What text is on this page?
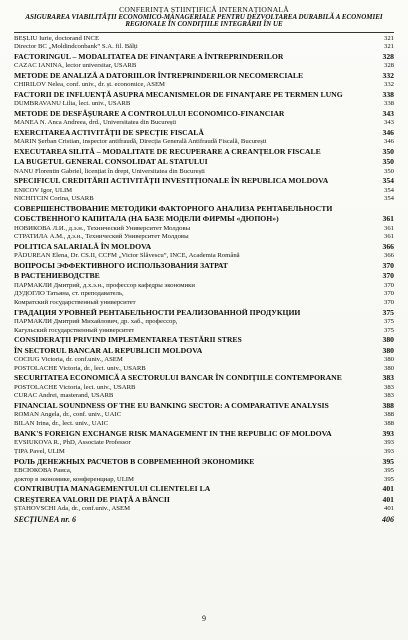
CONFERINȚA ȘTIINȚIFICĂ INTERNAȚIONALĂ
ASIGURAREA VIABILITĂȚII ECONOMICO-MANAGERIALE PENTRU DEZVOLTAREA DURABILĂ A ECONOMIEI
REGIONALE ÎN CONDIȚIILE INTEGRĂRII ÎN UE
BEȘLIU Iurie, doctorand INCE	321
Director BC „Moldindconbank” S.A. fil. Bălți	321
FACTORINGUL – MODALITATEA DE FINANȚARE A ÎNTREPRINDERILOR	328
CAZAC IANINA, lector universitar, USARB	328
METODE DE ANALIZĂ A DATORIILOR ÎNTREPRINDERILOR NECOMERCIALE	332
CHIRILOV Nelea, conf. univ., dr. șt. economice, ASEM	332
FACTORII DE INFLUENȚĂ ASUPRA MECANISMELOR DE FINANȚARE PE TERMEN LUNG	338
DUMBRAVANU Lilia, lect. univ., USARB	338
METODE DE DESFĂȘURARE A CONTROLULUI ECONOMICO-FINANCIAR	343
MANEA N. Anca Andreea, drd., Universitatea din București	343
EXERCITAREA ACTIVITĂȚII DE SPECȚIE FISCALĂ	346
MARIN Șerban Cristian, inspector antifraudă, Direcția Generală Antifraudă Fiscală, București	346
EXECUTAREA SILITĂ – MODALITATE DE RECUPERARE A CREANȚELOR FISCALE	350
LA BUGETUL GENERAL CONSOLIDAT AL STATULUI	350
NANU Florentin Gabriel, licențiat în drept, Universitatea din București	350
SPECIFICUL CREDITĂRII ACTIVITĂȚII INVESTIȚIONALE ÎN REPUBLICA MOLDOVA	354
ENICOV Igor, ULIM	354
NICHITCIN Corina, USARB	354
СОВЕРШЕНСТВОВАНИЕ МЕТОДИКИ ФАКТОРНОГО АНАЛИЗА РЕНТАБЕЛЬНОСТИ
СОБСТВЕННОГО КАПИТАЛА (НА БАЗЕ МОДЕЛИ ФИРМЫ «ДЮПОН»)	361
НОВИКОВА Л.И., д.э.н., Технический Университет Молдовы	361
СТРАТИЛА А.М., д.э.н., Технический Университет Молдовы	361
POLITICA SALARIALĂ ÎN MOLDOVA	366
PĂDUREAN Elena, Dr. CS.II, CCFM „Victor Slăvescu”, INCE, Academia Română	366
ВОПРОСЫ ЭФФЕКТИВНОГО ИСПОЛЬЗОВАНИЯ ЗАТРАТ	370
В РАСТЕНИЕВОДСТВЕ	370
ПАРМАКЛИ Дмитрий, д.х.э.н., профессор кафедры экономики	370
ДУДОГЛО Татьяна, ст. преподаватель,	370
Комратский государственный университет	370
ГРАДАЦИЯ УРОВНЕЙ РЕНТАБЕЛЬНОСТИ РЕАЛИЗОВАННОЙ ПРОДУКЦИИ	375
ПАРМАКЛИ Дмитрий Михайлович, др. хаб., профессор,	375
Кагульский государственный университет	375
CONSIDERAȚII PRIVIND IMPLEMENTAREA TESTĂRII STRES	380
ÎN SECTORUL BANCAR AL REPUBLICII MOLDOVA	380
COCIUG Victoria, dr. conf.univ., ASEM	380
POSTOLACHE Victoria, dr., lect. univ., USARB	380
SECURITATEA ECONOMICĂ A SECTORULUI BANCAR ÎN CONDIȚIILE CONTEMPORANE	383
POSTOLACHE Victoria, lect. univ., USARB	383
CURAC Andrei, masterand, USARB	383
FINANCIAL SOUNDNESS OF THE EU BANKING SECTOR: A COMPARATIVE ANALYSIS	388
ROMAN Angela, dr., conf. univ., UAIC	388
BILAN Irina, dr., lect. univ., UAIC	388
BANK'S FOREIGN EXCHANGE RISK MANAGEMENT IN THE REPUBLIC OF MOLDOVA	393
EVSIUKOVA R., PhD, Associate Professor	393
ȚIPA Pavel, ULIM	393
РОЛЬ ДЕНЕЖНЫХ РАСЧЕТОВ В СОВРЕМЕННОЙ ЭКОНОМИКЕ	395
ЕВСЮКОВА Раиса,	395
доктор в экономике, конференциар, ULIM	395
CONTRIBUȚIA MANAGEMENTULUI CLIENTELEI LA	401
CREȘTEREA VALORII DE PIAȚĂ A BĂNCII	401
ȘTAHOVSCHI Ada, dr., conf.univ., ASEM	401
SECȚIUNEA nr. 6	406
9
